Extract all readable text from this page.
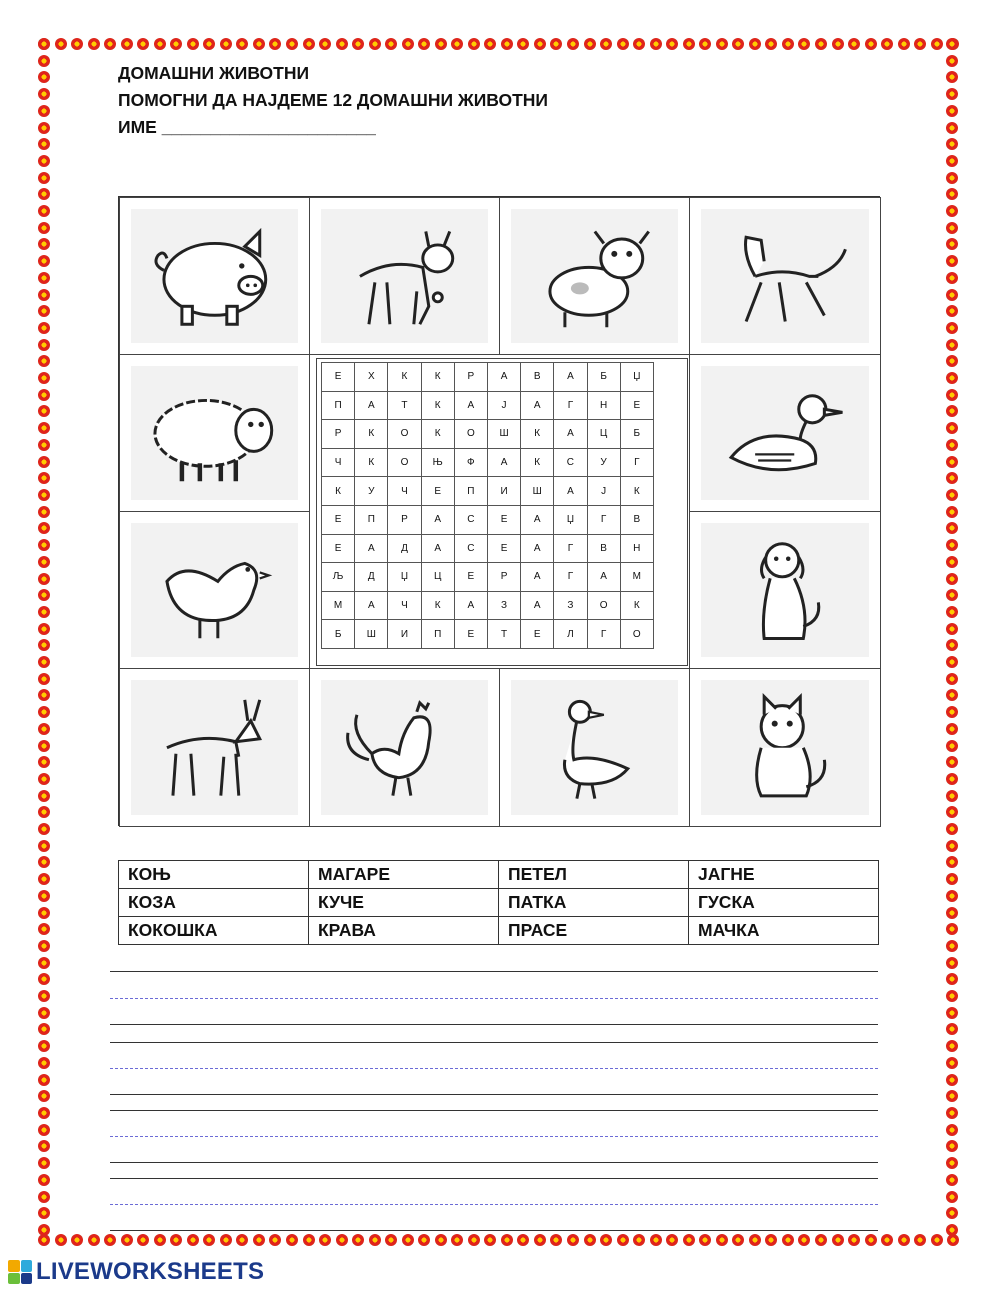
ДОМАШНИ ЖИВОТНИ
ПОМОГНИ ДА НАЈДЕМЕ 12 ДОМАШНИ ЖИВОТНИ
ИМЕ ______________________
Е	Х	К	К	Р	А	В	А	Б	Џ
П	А	Т	К	А	Ј	А	Г	Н	Е
Р	К	О	К	О	Ш	К	А	Ц	Б
Ч	К	О	Њ	Ф	А	К	С	У	Г
К	У	Ч	Е	П	И	Ш	А	Ј	К
Е	П	Р	А	С	Е	А	Џ	Г	В
Е	А	Д	А	С	Е	А	Г	В	Н
Љ	Д	Џ	Ц	Е	Р	А	Г	А	М
М	А	Ч	К	А	З	А	З	О	К
Б	Ш	И	П	Е	Т	Е	Л	Г	О
КОЊ	МАГАРЕ	ПЕТЕЛ	ЈАГНЕ
КОЗА	КУЧЕ	ПАТКА	ГУСКА
КОКОШКА	КРАВА	ПРАСЕ	МАЧКА
LIVEWORKSHEETS
